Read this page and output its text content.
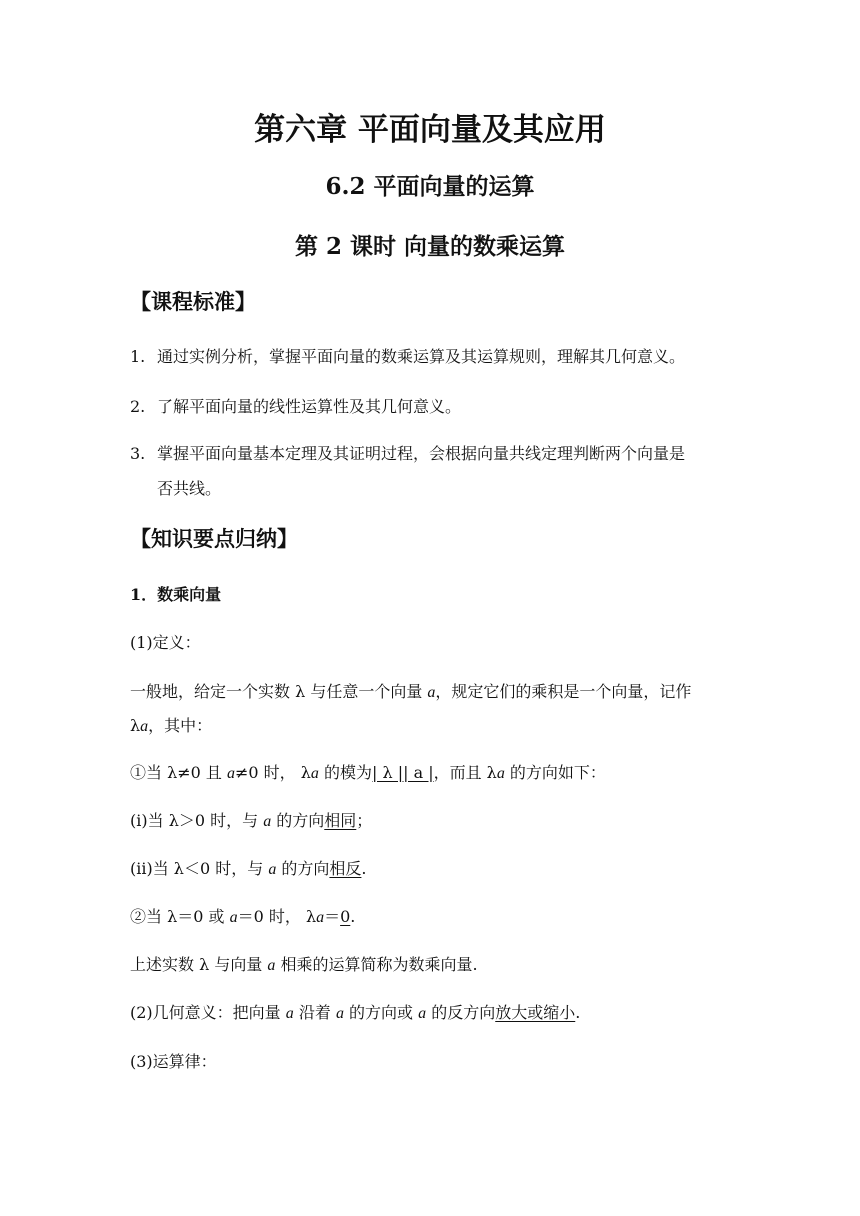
第六章 平面向量及其应用
6.2 平面向量的运算
第 2 课时 向量的数乘运算
【课程标准】
1. 通过实例分析，掌握平面向量的数乘运算及其运算规则，理解其几何意义。
2. 了解平面向量的线性运算性及其几何意义。
3. 掌握平面向量基本定理及其证明过程，会根据向量共线定理判断两个向量是
否共线。
【知识要点归纳】
1．数乘向量
(1)定义：
一般地，给定一个实数 λ 与任意一个向量 a，规定它们的乘积是一个向量，记作
λa，其中：
①当 λ≠0 且 a≠0 时， λa 的模为| λ || a |，而且 λa 的方向如下：
(i)当 λ＞0 时，与 a 的方向相同；
(ii)当 λ＜0 时，与 a 的方向相反.
②当 λ＝0 或 a＝0 时， λa＝0.
上述实数 λ 与向量 a 相乘的运算简称为数乘向量.
(2)几何意义：把向量 a 沿着 a 的方向或 a 的反方向放大或缩小.
(3)运算律：
